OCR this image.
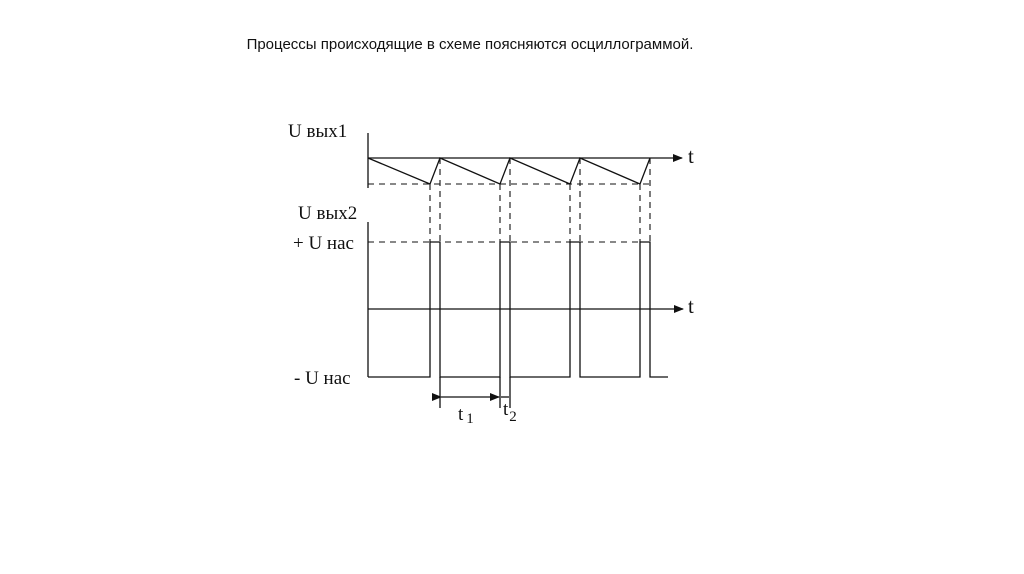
Процессы происходящие в схеме поясняются осциллограммой.
U вых1
t
U вых2
+ U нас
t
- U нас
t 1 $t_2$
